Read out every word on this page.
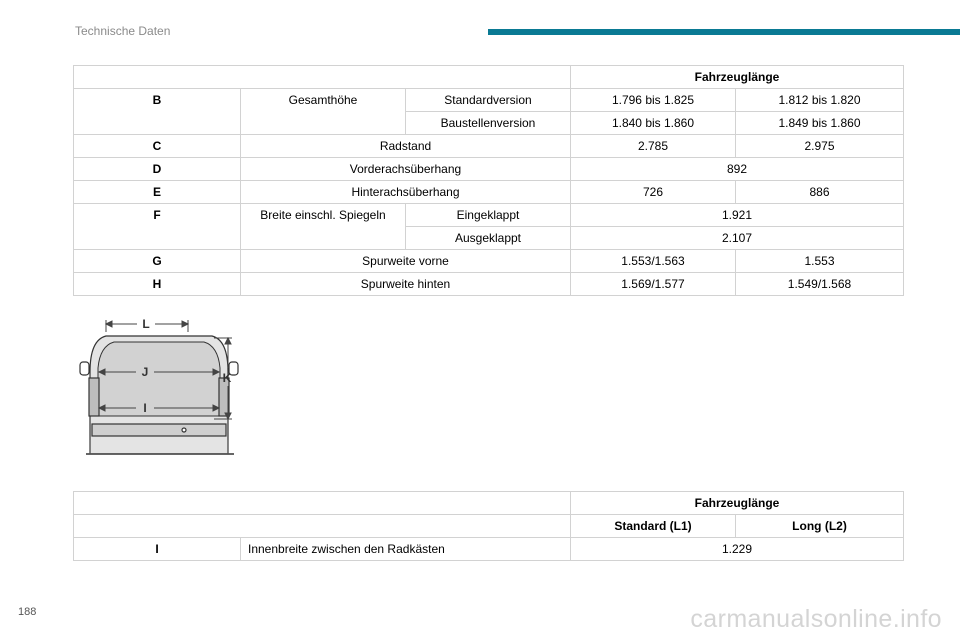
Technische Daten
			Fahrzeuglänge	
B	Gesamthöhe	Standardversion	1.796 bis 1.825	1.812 bis 1.820
		Baustellenversion	1.840 bis 1.860	1.849 bis 1.860
C	Radstand		2.785	2.975
D	Vorderachsüberhang		892	
E	Hinterachsüberhang		726	886
F	Breite einschl. Spiegeln	Eingeklappt	1.921	
		Ausgeklappt	2.107	
G	Spurweite vorne		1.553/1.563	1.553
H	Spurweite hinten		1.569/1.577	1.549/1.568
L
J
I
K
		Fahrzeuglänge	
		Standard (L1)	Long (L2)
I	Innenbreite zwischen den Radkästen	1.229	
188	carmanualsonline.info
